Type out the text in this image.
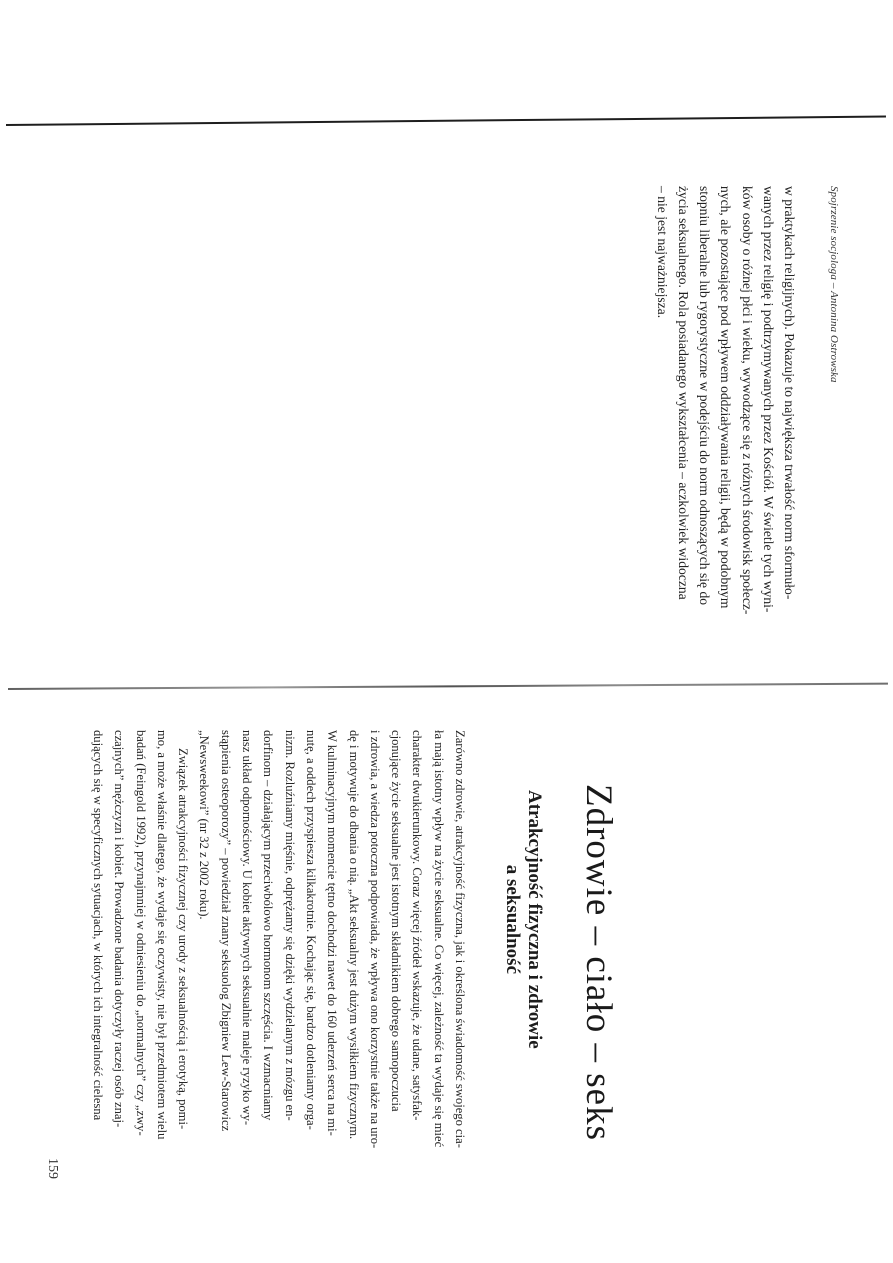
Spojrzenie socjologa – Antonina Ostrowska
w praktykach religijnych). Pokazuje to największa trwałość norm sformuło-
wanych przez religię i podtrzymywanych przez Kościół. W świetle tych wyni-
ków osoby o różnej płci i wieku, wywodzące się z różnych środowisk społecz-
nych, ale pozostające pod wpływem oddziaływania religii, będą w podobnym
stopniu liberalne lub rygorystyczne w podejściu do norm odnoszących się do
życia seksualnego. Rola posiadanego wykształcenia – aczkolwiek widoczna
– nie jest najważniejsza.
Zdrowie – ciało – seks
Atrakcyjność fizyczna i zdrowie
a seksualność
Zarówno zdrowie, atrakcyjność fizyczna, jak i określona świadomość swojego cia-
ła mają istotny wpływ na życie seksualne. Co więcej, zależność ta wydaje się mieć
charakter dwukierunkowy. Coraz więcej źródeł wskazuje, że udane, satysfak-
cjonujące życie seksualne jest istotnym składnikiem dobrego samopoczucia
i zdrowia, a wiedza potoczna podpowiada, że wpływa ono korzystnie także na uro-
dę i motywuje do dbania o nią. „Akt seksualny jest dużym wysiłkiem fizycznym.
W kulminacyjnym momencie tętno dochodzi nawet do 160 uderzeń serca na mi-
nutę, a oddech przyspiesza kilkakrotnie. Kochając się, bardzo dotleniamy orga-
nizm. Rozluźniamy mięśnie, odprężamy się dzięki wydzielanym z mózgu en-
dorfinom – działającym przeciwbólowo hormonom szczęścia. I wzmacniamy
nasz układ odpornościowy. U kobiet aktywnych seksualnie maleje ryzyko wy-
stąpienia osteoporozy” – powiedział znany seksuolog Zbigniew Lew-Starowicz
„Newsweekowi” (nr 32 z 2002 roku).
Związek atrakcyjności fizycznej czy urody z seksualnością i erotyką, pomi-
mo, a może właśnie dlatego, że wydaje się oczywisty, nie był przedmiotem wielu
badań (Feingold 1992), przynajmniej w odniesieniu do „normalnych” czy „zwy-
czajnych” mężczyzn i kobiet. Prowadzone badania dotyczyły raczej osób znaj-
dujących się w specyficznych sytuacjach, w których ich integralność cielesna
159
